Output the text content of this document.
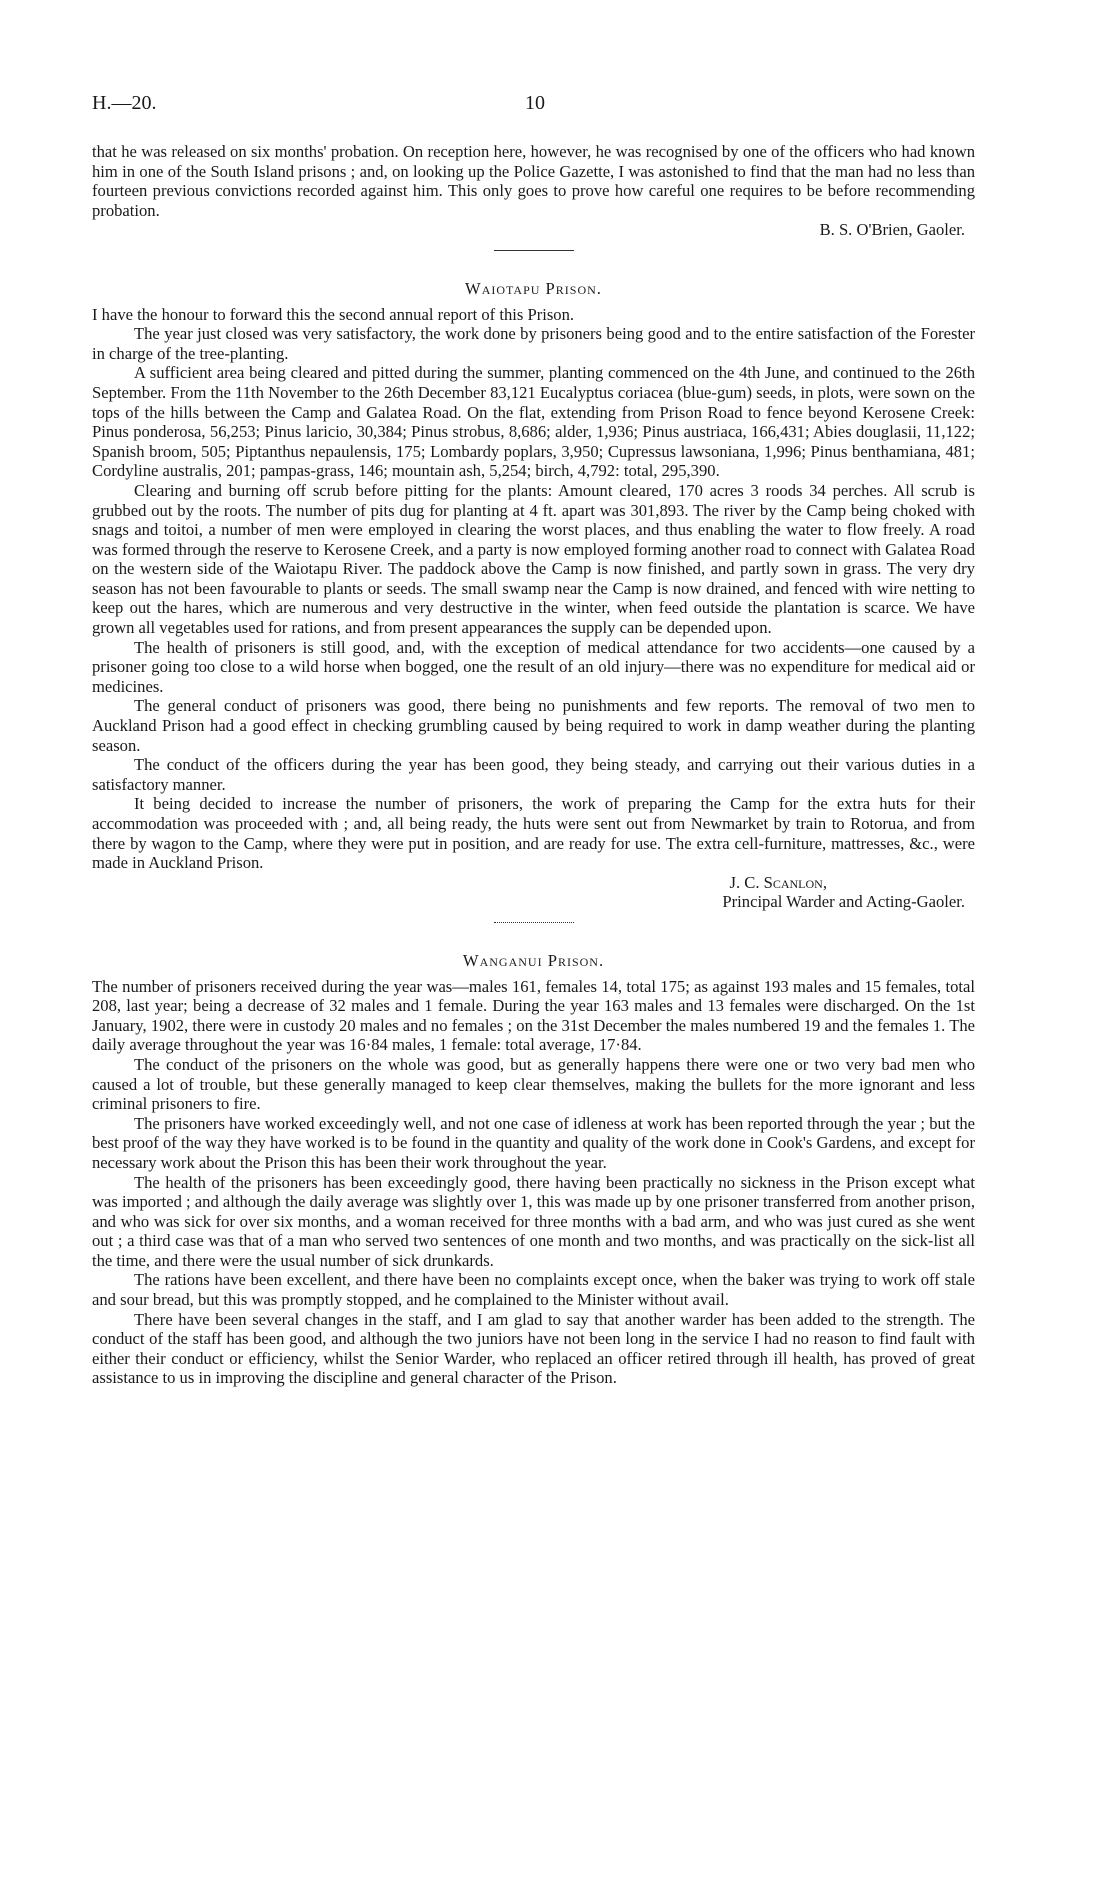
H.—20.	10

that he was released on six months' probation. On reception here, however, he was recognised by one of the officers who had known him in one of the South Island prisons ; and, on looking up the Police Gazette, I was astonished to find that the man had no less than fourteen previous convictions recorded against him. This only goes to prove how careful one requires to be before recommending probation.

B. S. O'Brien, Gaoler.

Waiotapu Prison.

I have the honour to forward this the second annual report of this Prison.

The year just closed was very satisfactory, the work done by prisoners being good and to the entire satisfaction of the Forester in charge of the tree-planting.

A sufficient area being cleared and pitted during the summer, planting commenced on the 4th June, and continued to the 26th September. From the 11th November to the 26th December 83,121 Eucalyptus coriacea (blue-gum) seeds, in plots, were sown on the tops of the hills between the Camp and Galatea Road. On the flat, extending from Prison Road to fence beyond Kerosene Creek: Pinus ponderosa, 56,253; Pinus laricio, 30,384; Pinus strobus, 8,686; alder, 1,936; Pinus austriaca, 166,431; Abies douglasii, 11,122; Spanish broom, 505; Piptanthus nepaulensis, 175; Lombardy poplars, 3,950; Cupressus lawsoniana, 1,996; Pinus benthamiana, 481; Cordyline australis, 201; pampas-grass, 146; mountain ash, 5,254; birch, 4,792: total, 295,390.

Clearing and burning off scrub before pitting for the plants: Amount cleared, 170 acres 3 roods 34 perches. All scrub is grubbed out by the roots. The number of pits dug for planting at 4 ft. apart was 301,893. The river by the Camp being choked with snags and toitoi, a number of men were employed in clearing the worst places, and thus enabling the water to flow freely. A road was formed through the reserve to Kerosene Creek, and a party is now employed forming another road to connect with Galatea Road on the western side of the Waiotapu River. The paddock above the Camp is now finished, and partly sown in grass. The very dry season has not been favourable to plants or seeds. The small swamp near the Camp is now drained, and fenced with wire netting to keep out the hares, which are numerous and very destructive in the winter, when feed outside the plantation is scarce. We have grown all vegetables used for rations, and from present appearances the supply can be depended upon.

The health of prisoners is still good, and, with the exception of medical attendance for two accidents—one caused by a prisoner going too close to a wild horse when bogged, one the result of an old injury—there was no expenditure for medical aid or medicines.

The general conduct of prisoners was good, there being no punishments and few reports. The removal of two men to Auckland Prison had a good effect in checking grumbling caused by being required to work in damp weather during the planting season.

The conduct of the officers during the year has been good, they being steady, and carrying out their various duties in a satisfactory manner.

It being decided to increase the number of prisoners, the work of preparing the Camp for the extra huts for their accommodation was proceeded with ; and, all being ready, the huts were sent out from Newmarket by train to Rotorua, and from there by wagon to the Camp, where they were put in position, and are ready for use. The extra cell-furniture, mattresses, &c., were made in Auckland Prison.

J. C. Scanlon,

Principal Warder and Acting-Gaoler.

Wanganui Prison.

The number of prisoners received during the year was—males 161, females 14, total 175; as against 193 males and 15 females, total 208, last year; being a decrease of 32 males and 1 female. During the year 163 males and 13 females were discharged. On the 1st January, 1902, there were in custody 20 males and no females ; on the 31st December the males numbered 19 and the females 1. The daily average throughout the year was 16·84 males, 1 female: total average, 17·84.

The conduct of the prisoners on the whole was good, but as generally happens there were one or two very bad men who caused a lot of trouble, but these generally managed to keep clear themselves, making the bullets for the more ignorant and less criminal prisoners to fire.

The prisoners have worked exceedingly well, and not one case of idleness at work has been reported through the year ; but the best proof of the way they have worked is to be found in the quantity and quality of the work done in Cook's Gardens, and except for necessary work about the Prison this has been their work throughout the year.

The health of the prisoners has been exceedingly good, there having been practically no sickness in the Prison except what was imported ; and although the daily average was slightly over 1, this was made up by one prisoner transferred from another prison, and who was sick for over six months, and a woman received for three months with a bad arm, and who was just cured as she went out ; a third case was that of a man who served two sentences of one month and two months, and was practically on the sick-list all the time, and there were the usual number of sick drunkards.

The rations have been excellent, and there have been no complaints except once, when the baker was trying to work off stale and sour bread, but this was promptly stopped, and he complained to the Minister without avail.

There have been several changes in the staff, and I am glad to say that another warder has been added to the strength. The conduct of the staff has been good, and although the two juniors have not been long in the service I had no reason to find fault with either their conduct or efficiency, whilst the Senior Warder, who replaced an officer retired through ill health, has proved of great assistance to us in improving the discipline and general character of the Prison.
